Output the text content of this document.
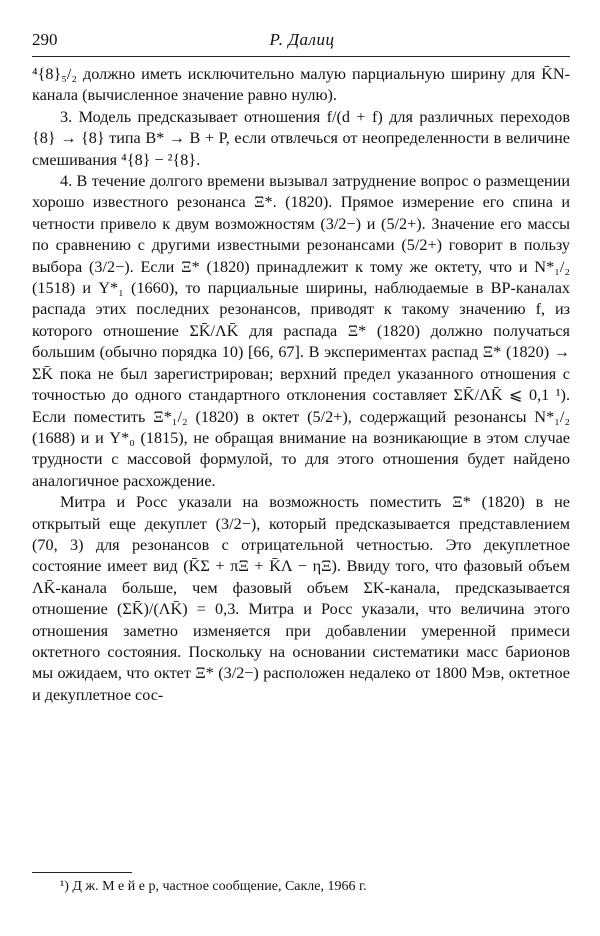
290	Р. Далиц

⁴{8}₅/₂ должно иметь исключительно малую парциальную ширину для K̄N-канала (вычисленное значение равно нулю).

3. Модель предсказывает отношения f/(d + f) для различных переходов {8} → {8} типа B* → B + P, если отвлечься от неопределенности в величине смешивания ⁴{8} − ²{8}.

4. В течение долгого времени вызывал затруднение вопрос о размещении хорошо известного резонанса Ξ*. (1820). Прямое измерение его спина и четности привело к двум возможностям (3/2−) и (5/2+). Значение его массы по сравнению с другими известными резонансами (5/2+) говорит в пользу выбора (3/2−). Если Ξ* (1820) принадлежит к тому же октету, что и N*₁/₂ (1518) и Y*₁ (1660), то парциальные ширины, наблюдаемые в BP-каналах распада этих последних резонансов, приводят к такому значению f, из которого отношение ΣK̄/ΛK̄ для распада Ξ* (1820) должно получаться большим (обычно порядка 10) [66, 67]. В экспериментах распад Ξ* (1820) → ΣK̄ пока не был зарегистрирован; верхний предел указанного отношения с точностью до одного стандартного отклонения составляет ΣK̄/ΛK̄ ⩽ 0,1 ¹). Если поместить Ξ*₁/₂ (1820) в октет (5/2+), содержащий резонансы N*₁/₂ (1688) и и Y*₀ (1815), не обращая внимание на возникающие в этом случае трудности с массовой формулой, то для этого отношения будет найдено аналогичное расхождение.

Митра и Росс указали на возможность поместить Ξ* (1820) в не открытый еще декуплет (3/2−), который предсказывается представлением (70, 3) для резонансов с отрицательной четностью. Это декуплетное состояние имеет вид (K̄Σ + πΞ + K̄Λ − ηΞ). Ввиду того, что фазовый объем ΛK̄-канала больше, чем фазовый объем ΣK-канала, предсказывается отношение (ΣK̄)/(ΛK̄) = 0,3. Митра и Росс указали, что величина этого отношения заметно изменяется при добавлении умеренной примеси октетного состояния. Поскольку на основании систематики масс барионов мы ожидаем, что октет Ξ* (3/2−) расположен недалеко от 1800 Мэв, октетное и декуплетное сос-

¹) Д ж. М е й е р, частное сообщение, Сакле, 1966 г.
